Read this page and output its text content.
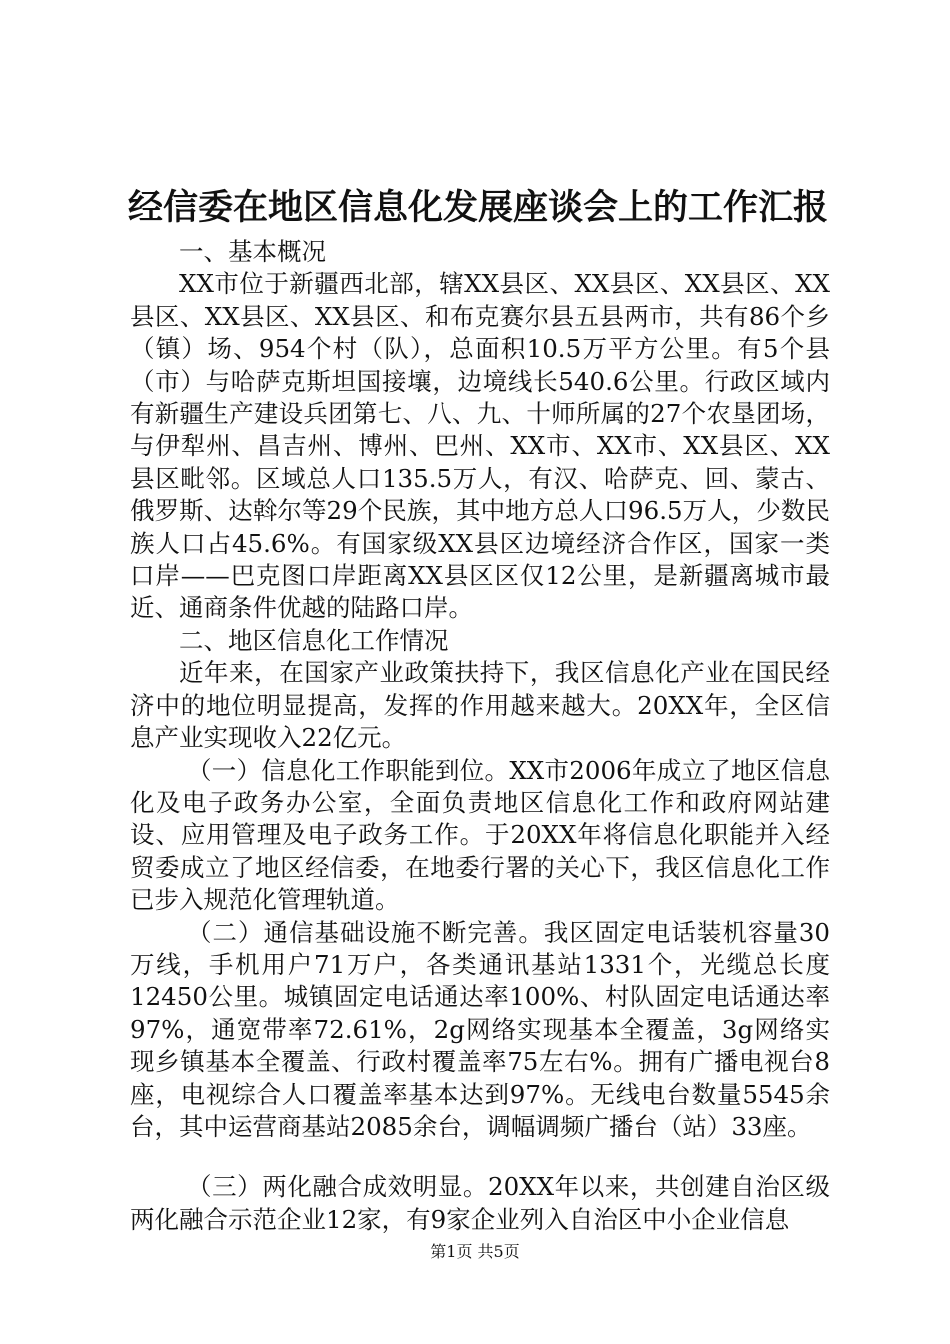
经信委在地区信息化发展座谈会上的工作汇报

一、基本概况

XX市位于新疆西北部，辖XX县区、XX县区、XX县区、XX县区、XX县区、XX县区、和布克赛尔县五县两市，共有86个乡（镇）场、954个村（队），总面积10.5万平方公里。有5个县（市）与哈萨克斯坦国接壤，边境线长540.6公里。行政区域内有新疆生产建设兵团第七、八、九、十师所属的27个农垦团场，与伊犁州、昌吉州、博州、巴州、XX市、XX市、XX县区、XX县区毗邻。区域总人口135.5万人，有汉、哈萨克、回、蒙古、俄罗斯、达斡尔等29个民族，其中地方总人口96.5万人，少数民族人口占45.6%。有国家级XX县区边境经济合作区，国家一类口岸——巴克图口岸距离XX县区区仅12公里，是新疆离城市最近、通商条件优越的陆路口岸。

二、地区信息化工作情况

近年来，在国家产业政策扶持下，我区信息化产业在国民经济中的地位明显提高，发挥的作用越来越大。20XX年，全区信息产业实现收入22亿元。

（一）信息化工作职能到位。XX市2006年成立了地区信息化及电子政务办公室，全面负责地区信息化工作和政府网站建设、应用管理及电子政务工作。于20XX年将信息化职能并入经贸委成立了地区经信委，在地委行署的关心下，我区信息化工作已步入规范化管理轨道。

（二）通信基础设施不断完善。我区固定电话装机容量30万线，手机用户71万户，各类通讯基站1331个，光缆总长度12450公里。城镇固定电话通达率100%、村队固定电话通达率97%，通宽带率72.61%，2g网络实现基本全覆盖，3g网络实现乡镇基本全覆盖、行政村覆盖率75左右%。拥有广播电视台8座，电视综合人口覆盖率基本达到97%。无线电台数量5545余台，其中运营商基站2085余台，调幅调频广播台（站）33座。

（三）两化融合成效明显。20XX年以来，共创建自治区级两化融合示范企业12家，有9家企业列入自治区中小企业信息

第1页 共5页
